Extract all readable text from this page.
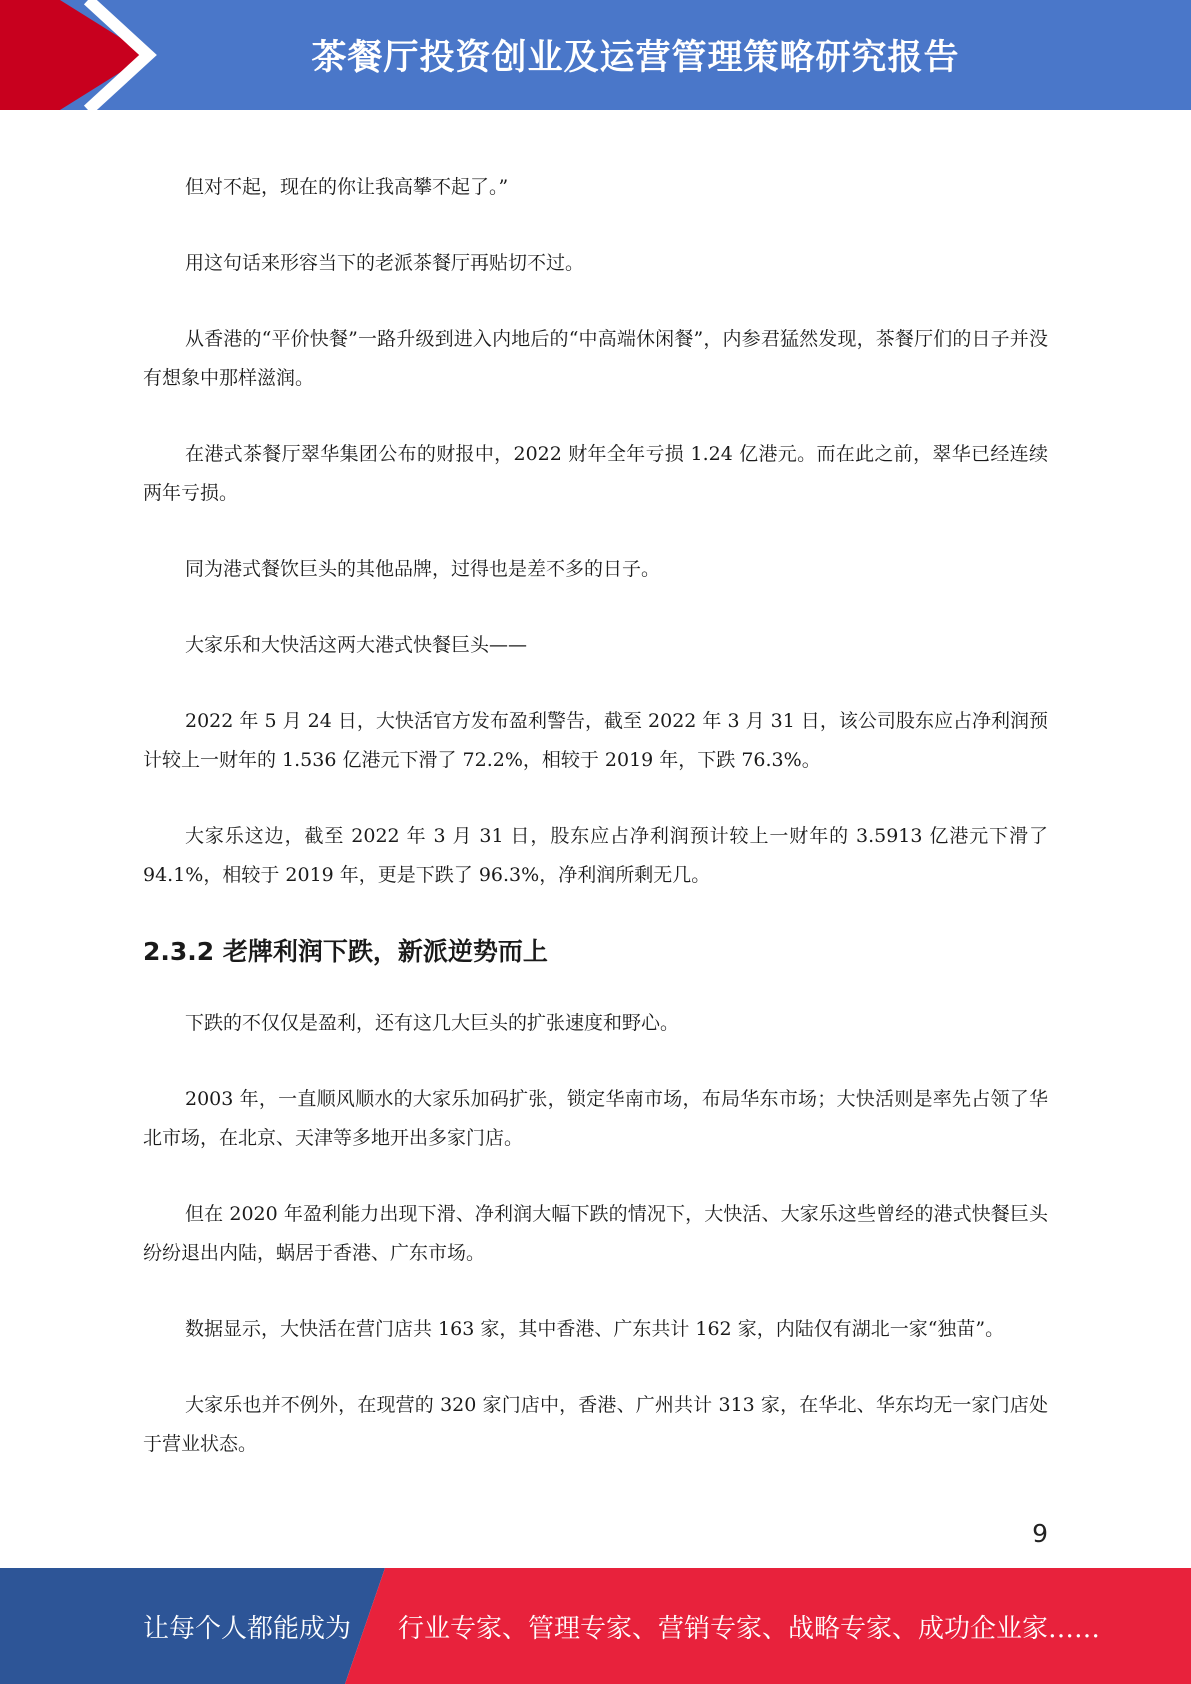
茶餐厅投资创业及运营管理策略研究报告

但对不起，现在的你让我高攀不起了。”

用这句话来形容当下的老派茶餐厅再贴切不过。

从香港的“平价快餐”一路升级到进入内地后的“中高端休闲餐”，内参君猛然发现，茶餐厅们的日子并没有想象中那样滋润。

在港式茶餐厅翠华集团公布的财报中，2022 财年全年亏损 1.24 亿港元。而在此之前，翠华已经连续两年亏损。

同为港式餐饮巨头的其他品牌，过得也是差不多的日子。

大家乐和大快活这两大港式快餐巨头——

2022 年 5 月 24 日，大快活官方发布盈利警告，截至 2022 年 3 月 31 日，该公司股东应占净利润预计较上一财年的 1.536 亿港元下滑了 72.2%，相较于 2019 年，下跌 76.3%。

大家乐这边，截至 2022 年 3 月 31 日，股东应占净利润预计较上一财年的 3.5913 亿港元下滑了 94.1%，相较于 2019 年，更是下跌了 96.3%，净利润所剩无几。

2.3.2 老牌利润下跌，新派逆势而上

下跌的不仅仅是盈利，还有这几大巨头的扩张速度和野心。

2003 年，一直顺风顺水的大家乐加码扩张，锁定华南市场，布局华东市场；大快活则是率先占领了华北市场，在北京、天津等多地开出多家门店。

但在 2020 年盈利能力出现下滑、净利润大幅下跌的情况下，大快活、大家乐这些曾经的港式快餐巨头纷纷退出内陆，蜗居于香港、广东市场。

数据显示，大快活在营门店共 163 家，其中香港、广东共计 162 家，内陆仅有湖北一家“独苗”。

大家乐也并不例外，在现营的 320 家门店中，香港、广州共计 313 家，在华北、华东均无一家门店处于营业状态。

9
让每个人都能成为 行业专家、管理专家、营销专家、战略专家、成功企业家……
